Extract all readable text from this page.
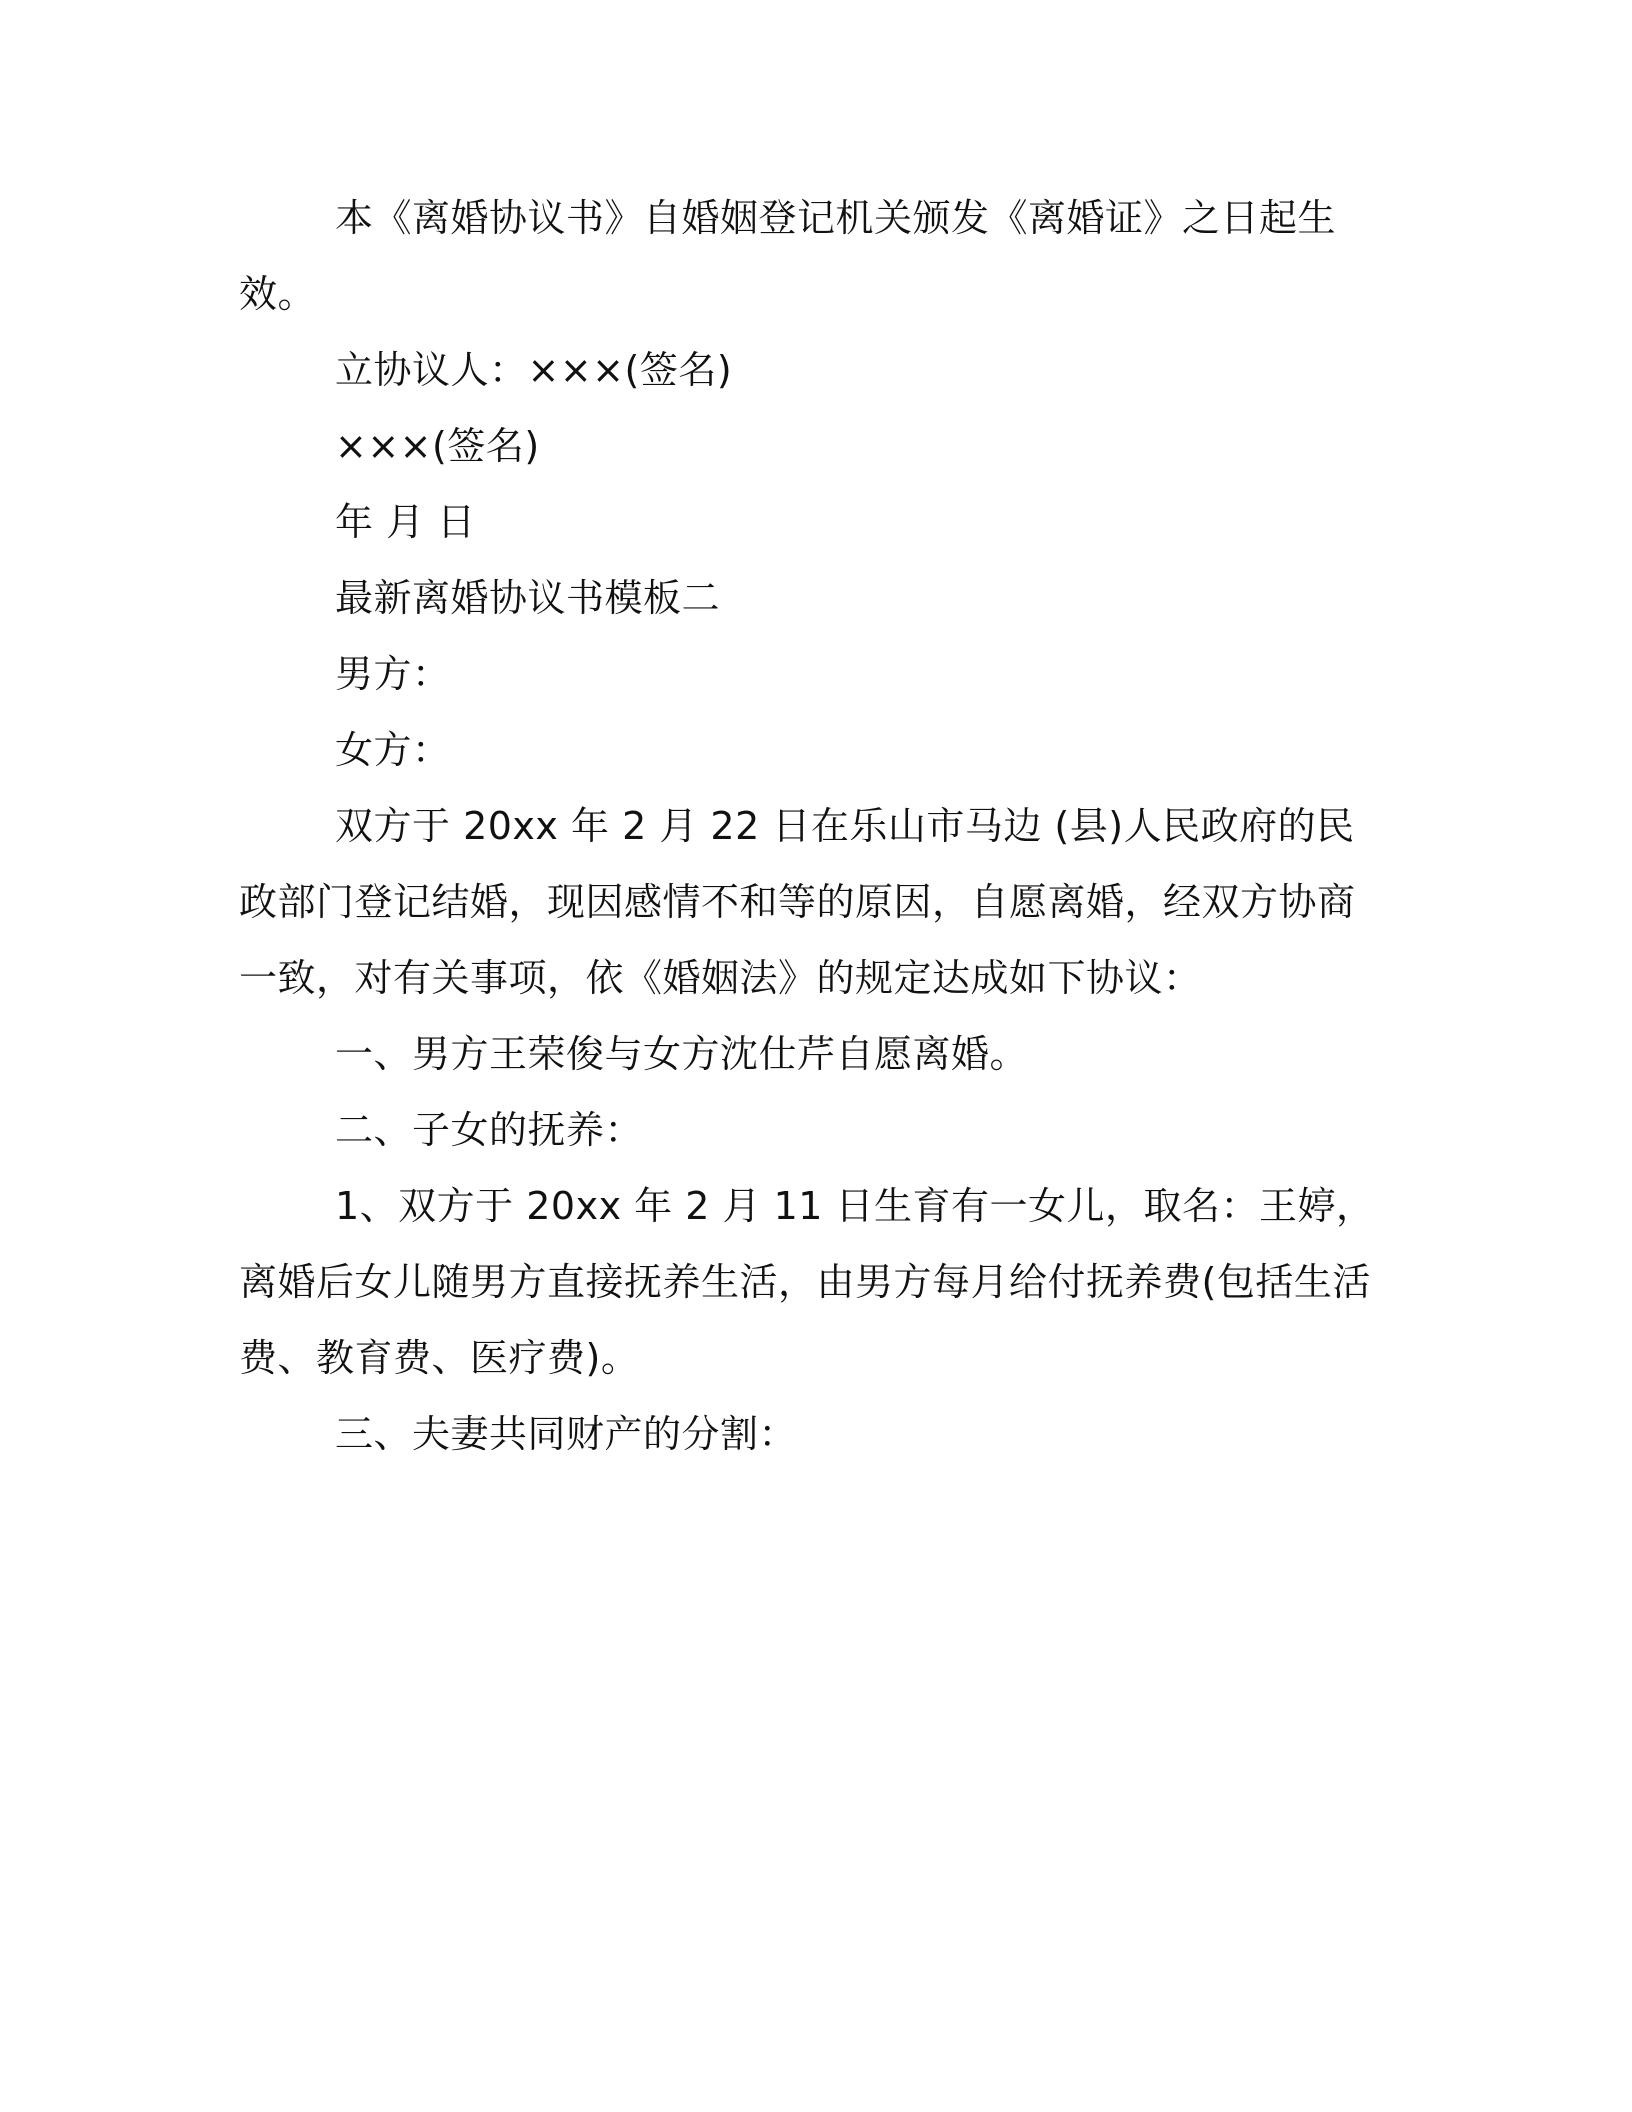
本《离婚协议书》自婚姻登记机关颁发《离婚证》之日起生效。

立协议人：×××(签名)

×××(签名)

年 月 日

最新离婚协议书模板二

男方：

女方：

双方于 20xx 年 2 月 22 日在乐山市马边 (县)人民政府的民政部门登记结婚，现因感情不和等的原因，自愿离婚，经双方协商一致，对有关事项，依《婚姻法》的规定达成如下协议：

一、男方王荣俊与女方沈仕芹自愿离婚。

二、子女的抚养：

1、双方于 20xx 年 2 月 11 日生育有一女儿，取名：王婷，离婚后女儿随男方直接抚养生活，由男方每月给付抚养费(包括生活费、教育费、医疗费)。

三、夫妻共同财产的分割：
